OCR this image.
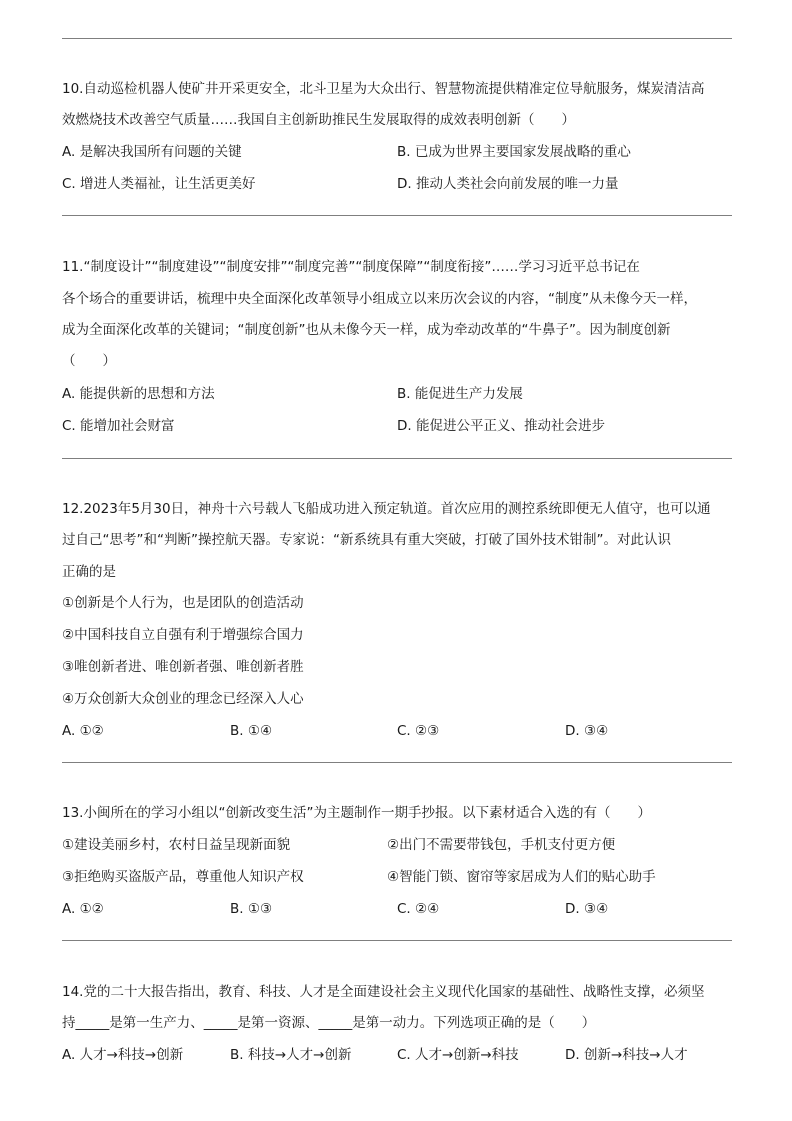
10.自动巡检机器人使矿井开采更安全，北斗卫星为大众出行、智慧物流提供精准定位导航服务，煤炭清洁高
效燃烧技术改善空气质量……我国自主创新助推民生发展取得的成效表明创新（　　）
A. 是解决我国所有问题的关键	B. 已成为世界主要国家发展战略的重心
C. 增进人类福祉，让生活更美好	D. 推动人类社会向前发展的唯一力量
11.“制度设计”“制度建设”“制度安排”“制度完善”“制度保障”“制度衔接”……学习习近平总书记在
各个场合的重要讲话，梳理中央全面深化改革领导小组成立以来历次会议的内容，“制度”从未像今天一样，
成为全面深化改革的关键词；“制度创新”也从未像今天一样，成为牵动改革的“牛鼻子”。因为制度创新
（　　）
A. 能提供新的思想和方法	B. 能促进生产力发展
C. 能增加社会财富	D. 能促进公平正义、推动社会进步
12.2023年5月30日，神舟十六号载人飞船成功进入预定轨道。首次应用的测控系统即便无人值守，也可以通
过自己“思考”和“判断”操控航天器。专家说：“新系统具有重大突破，打破了国外技术钳制”。对此认识
正确的是
①创新是个人行为，也是团队的创造活动
②中国科技自立自强有利于增强综合国力
③唯创新者进、唯创新者强、唯创新者胜
④万众创新大众创业的理念已经深入人心
A. ①②	B. ①④	C. ②③	D. ③④
13.小闽所在的学习小组以“创新改变生活”为主题制作一期手抄报。以下素材适合入选的有（　　）
①建设美丽乡村，农村日益呈现新面貌	②出门不需要带钱包，手机支付更方便
③拒绝购买盗版产品，尊重他人知识产权	④智能门锁、窗帘等家居成为人们的贴心助手
A. ①②	B. ①③	C. ②④	D. ③④
14.党的二十大报告指出，教育、科技、人才是全面建设社会主义现代化国家的基础性、战略性支撑，必须坚
持_____是第一生产力、_____是第一资源、_____是第一动力。下列选项正确的是（　　）
A. 人才→科技→创新	B. 科技→人才→创新	C. 人才→创新→科技	D. 创新→科技→人才
